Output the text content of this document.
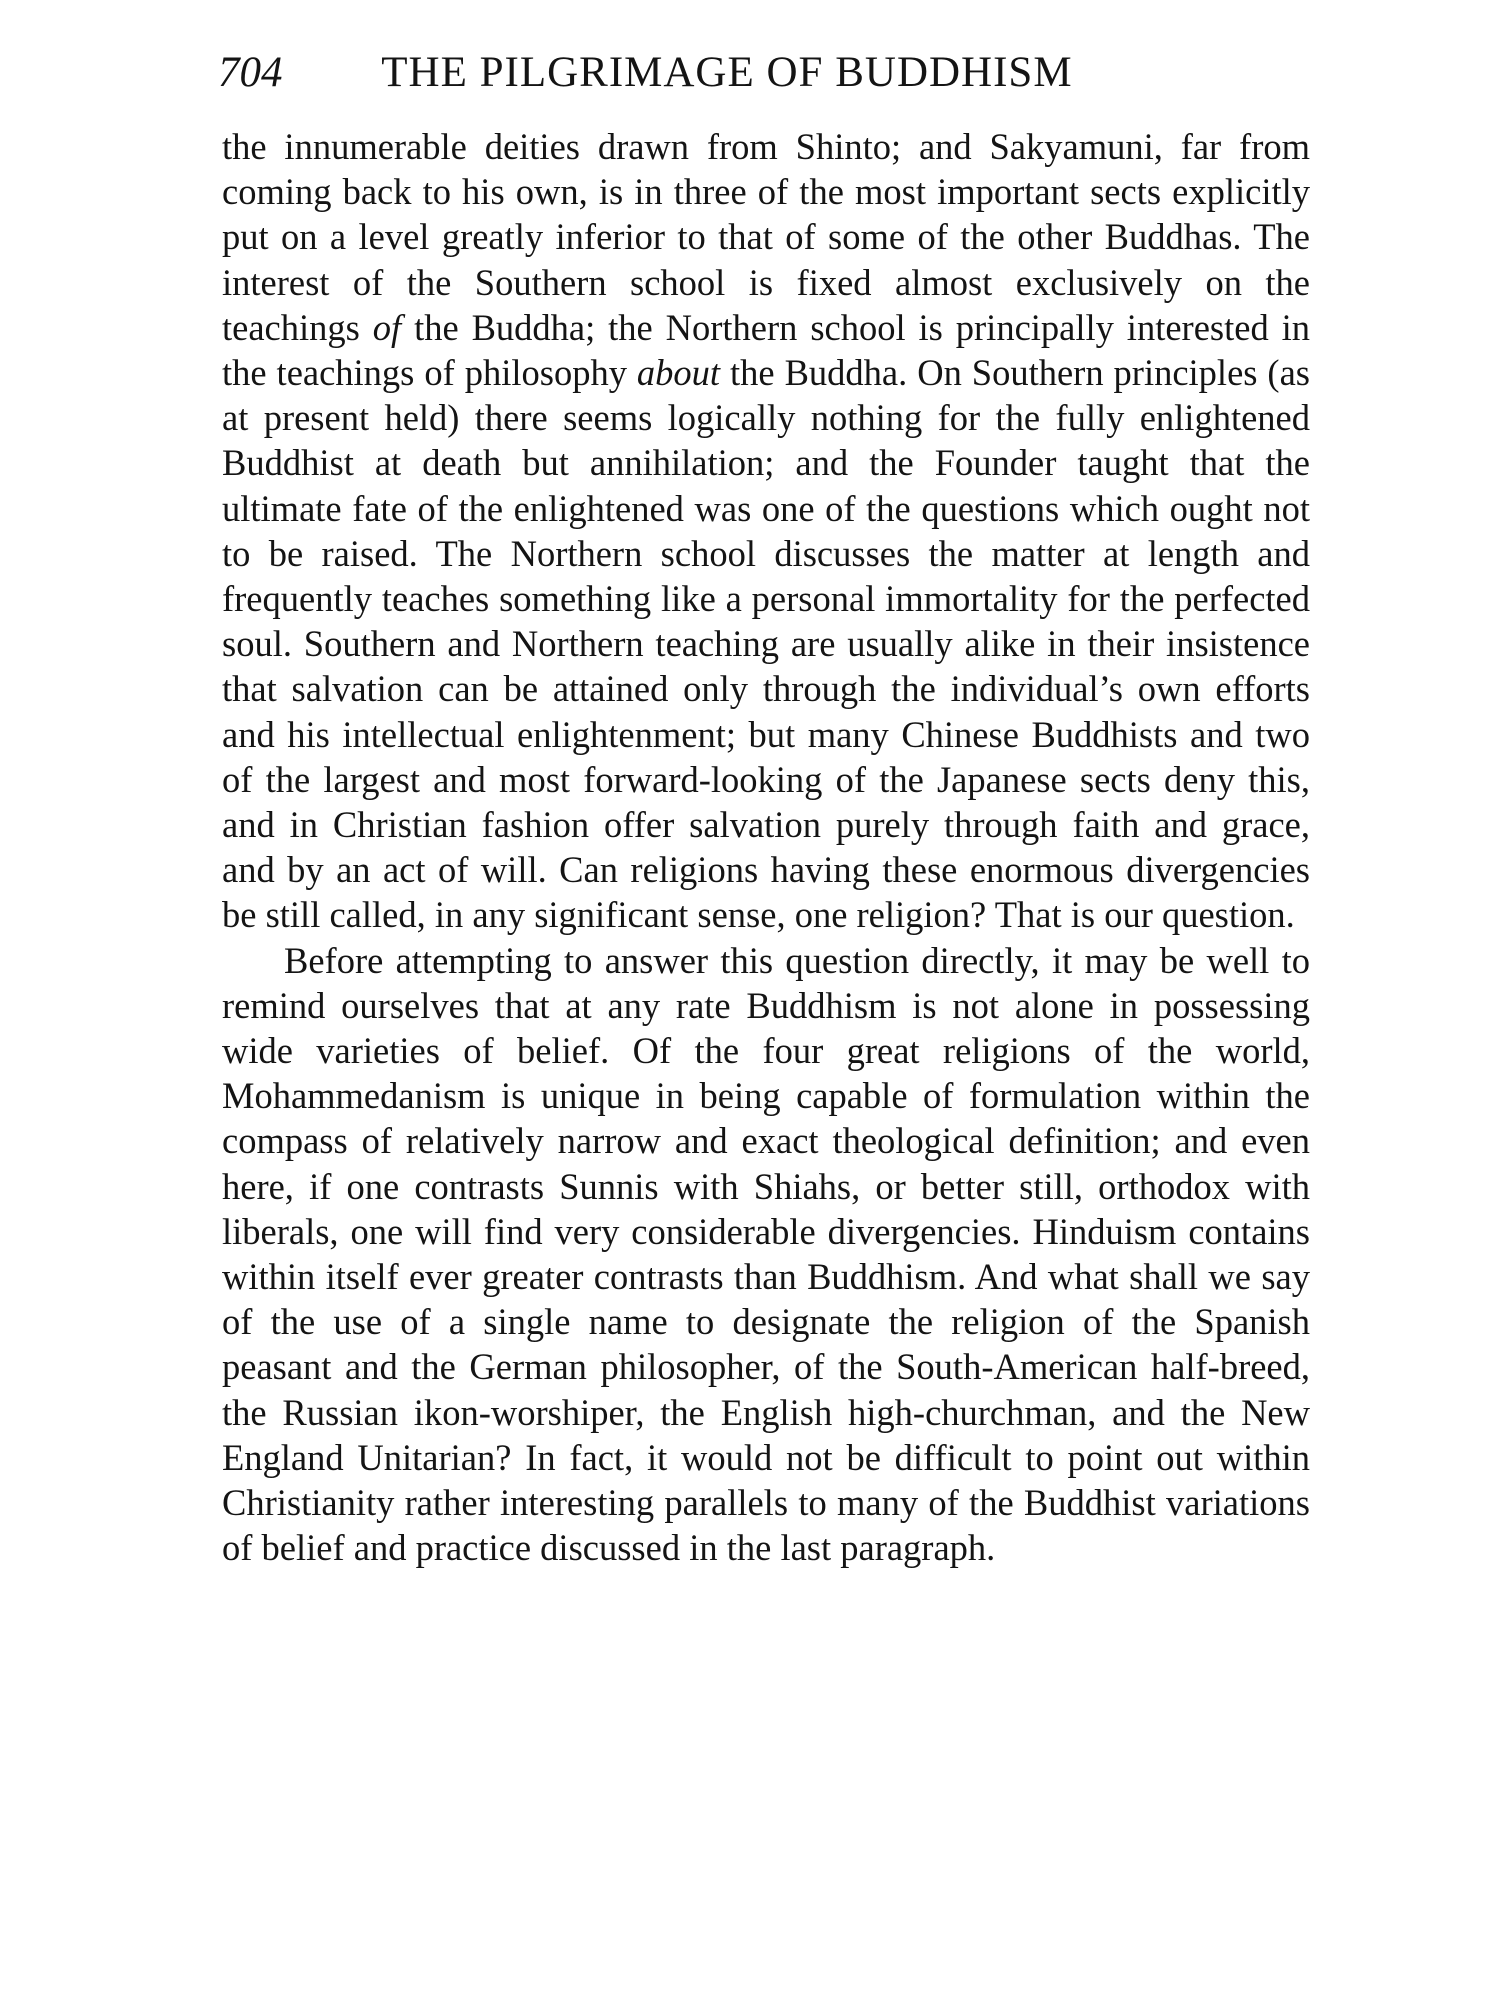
704 THE PILGRIMAGE OF BUDDHISM

the innumerable deities drawn from Shinto; and Sakyamuni, far from coming back to his own, is in three of the most important sects explicitly put on a level greatly inferior to that of some of the other Buddhas. The interest of the Southern school is fixed almost exclusively on the teachings of the Buddha; the Northern school is principally interested in the teachings of philosophy about the Buddha. On Southern principles (as at present held) there seems logically nothing for the fully enlightened Buddhist at death but annihilation; and the Founder taught that the ultimate fate of the enlightened was one of the questions which ought not to be raised. The Northern school discusses the matter at length and frequently teaches something like a personal immortality for the perfected soul. Southern and Northern teaching are usually alike in their insistence that salvation can be attained only through the individual’s own efforts and his intellectual enlightenment; but many Chinese Buddhists and two of the largest and most forward-looking of the Japanese sects deny this, and in Christian fashion offer salvation purely through faith and grace, and by an act of will. Can religions having these enormous divergencies be still called, in any significant sense, one religion? That is our question.

Before attempting to answer this question directly, it may be well to remind ourselves that at any rate Buddhism is not alone in possessing wide varieties of belief. Of the four great religions of the world, Mohammedanism is unique in being capable of formulation within the compass of relatively narrow and exact theological definition; and even here, if one contrasts Sunnis with Shiahs, or better still, orthodox with liberals, one will find very considerable divergencies. Hinduism contains within itself ever greater contrasts than Buddhism. And what shall we say of the use of a single name to designate the religion of the Spanish peasant and the German philosopher, of the South-American half-breed, the Russian ikon-worshiper, the English high-churchman, and the New England Unitarian? In fact, it would not be difficult to point out within Christianity rather interesting parallels to many of the Buddhist variations of belief and practice discussed in the last paragraph.
